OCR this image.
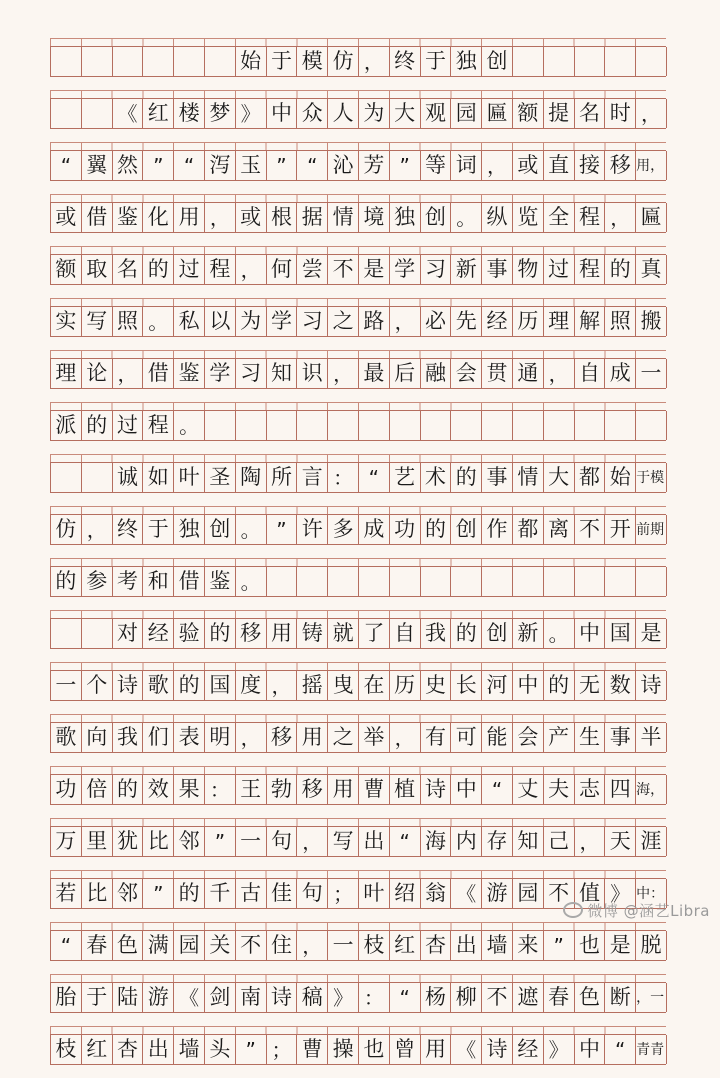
始 于 模 仿 ， 终 于 独 创
《 红 楼 梦 》 中 众 人 为 大 观 园 匾 额 提 名 时 ，
“ 翼 然 ”	“ 泻 玉 ”	“ 沁 芳 ” 等 词 ， 或 直 接 移 用，
或 借 鉴 化 用 ， 或 根 据 情 境 独 创 。 纵 览 全 程 ， 匾
额 取 名 的 过 程 ， 何 尝 不 是 学 习 新 事 物 过 程 的 真
实 写 照 。 私 以 为 学 习 之 路 ， 必 先 经 历 理 解 照 搬
理 论 ， 借 鉴 学 习 知 识 ， 最 后 融 会 贯 通 ， 自 成 一
派 的 过 程 。
诚 如 叶 圣 陶 所 言 ： “ 艺 术 的 事 情 大 都 始 于模
仿 ， 终 于 独 创 。 ” 许 多 成 功 的 创 作 都 离 不 开 前期
的 参 考 和 借 鉴 。
对 经 验 的 移 用 铸 就 了 自 我 的 创 新 。 中 国 是
一 个 诗 歌 的 国 度 ， 摇 曳 在 历 史 长 河 中 的 无 数 诗
歌 向 我 们 表 明 ， 移 用 之 举 ， 有 可 能 会 产 生 事 半
功 倍 的 效 果 ： 王 勃 移 用 曹 植 诗 中 “ 丈 夫 志 四 海，
万 里 犹 比 邻 ” 一 句 ， 写 出 “ 海 内 存 知 己 ， 天 涯
若 比 邻 ” 的 千 古 佳 句 ； 叶 绍 翁 《 游 园 不 值 》 中：
“ 春 色 满 园 关 不 住 ， 一 枝 红 杏 出 墙 来 ” 也 是 脱
胎 于 陆 游 《 剑 南 诗 稿 》 ： “ 杨 柳 不 遮 春 色 断 ，一
枝 红 杏 出 墙 头 ” ； 曹 操 也 曾 用 《 诗 经 》 中 “ 青青
微博 @涵艺Libra
